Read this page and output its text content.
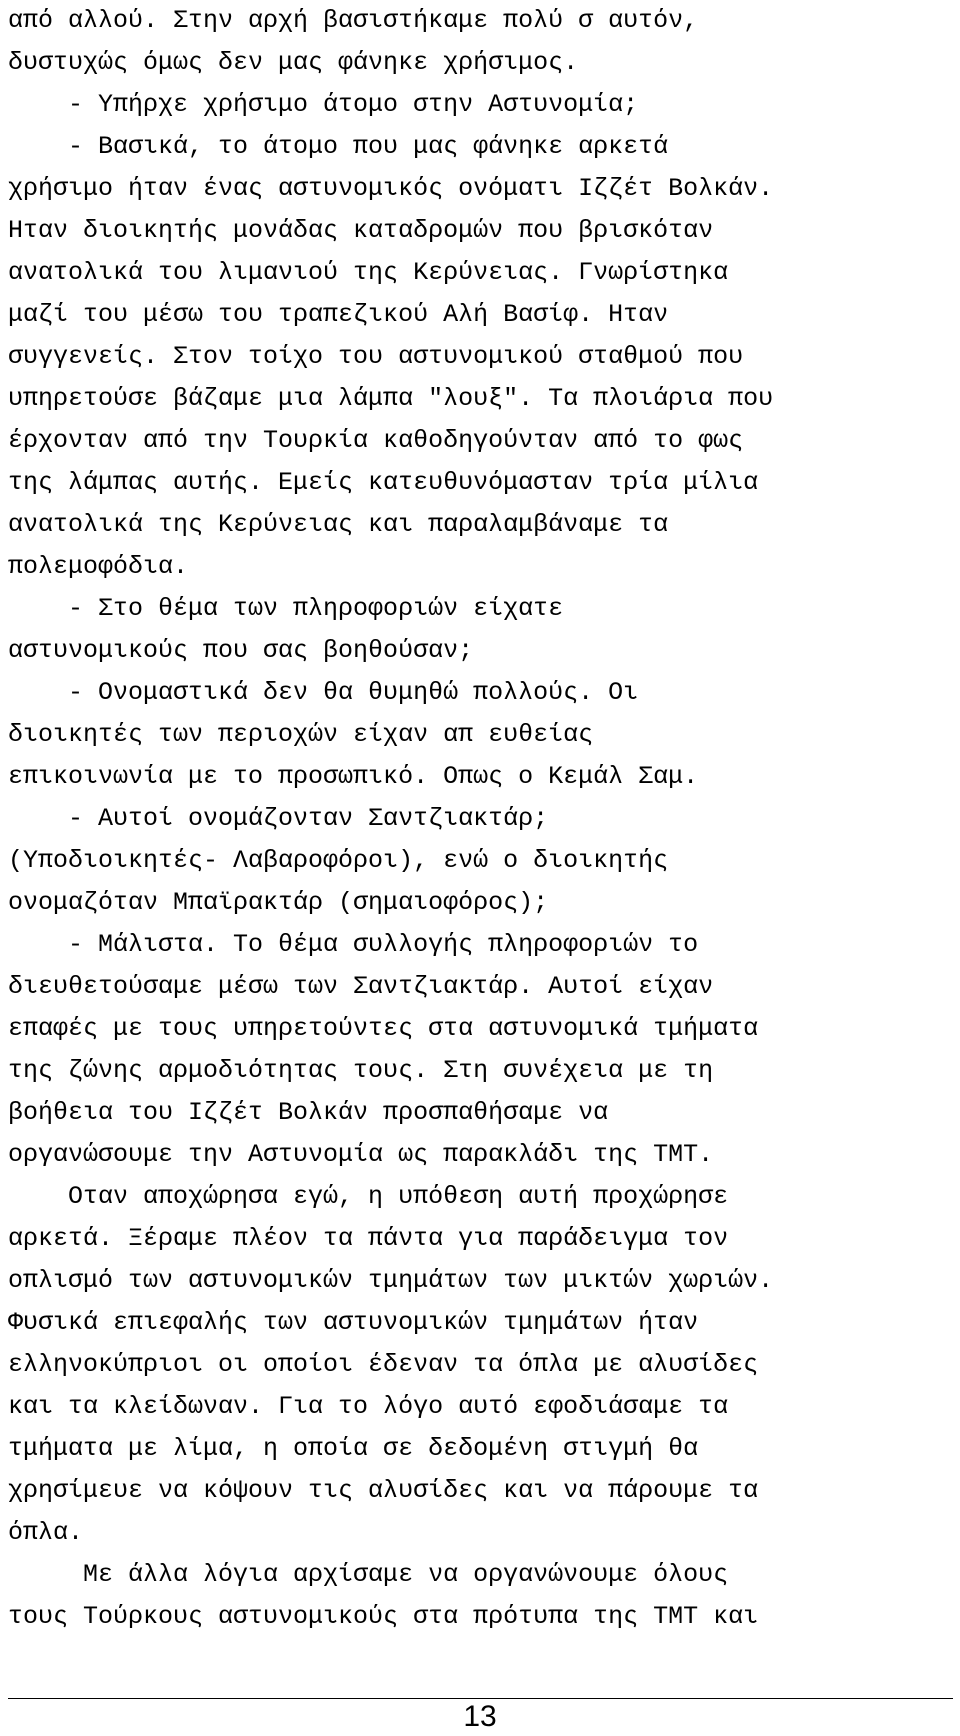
από αλλού. Στην αρχή βασιστήκαμε πολύ σ αυτόν,
δυστυχώς όμως δεν μας φάνηκε χρήσιμος.
- Υπήρχε χρήσιμο άτομο στην Αστυνομία;
- Βασικά, το άτομο που μας φάνηκε αρκετά
χρήσιμο ήταν ένας αστυνομικός ονόματι Ιζζέτ Βολκάν.
Ηταν διοικητής μονάδας καταδρομών που βρισκόταν
ανατολικά του λιμανιού της Κερύνειας. Γνωρίστηκα
μαζί του μέσω του τραπεζικού Αλή Βασίφ. Ηταν
συγγενείς. Στον τοίχο του αστυνομικού σταθμού που
υπηρετούσε βάζαμε μια λάμπα "λουξ". Τα πλοιάρια που
έρχονταν από την Τουρκία καθοδηγούνταν από το φως
της λάμπας αυτής. Εμείς κατευθυνόμασταν τρία μίλια
ανατολικά της Κερύνειας και παραλαμβάναμε τα
πολεμοφόδια.
- Στο θέμα των πληροφοριών είχατε
αστυνομικούς που σας βοηθούσαν;
- Ονομαστικά δεν θα θυμηθώ πολλούς. Οι
διοικητές των περιοχών είχαν απ ευθείας
επικοινωνία με το προσωπικό. Οπως ο Κεμάλ Σαμ.
- Αυτοί ονομάζονταν Σαντζιακτάρ;
(Υποδιοικητές- Λαβαροφόροι), ενώ ο διοικητής
ονομαζόταν Μπαϊρακτάρ (σημαιοφόρος);
- Μάλιστα. Το θέμα συλλογής πληροφοριών το
διευθετούσαμε μέσω των Σαντζιακτάρ. Αυτοί είχαν
επαφές με τους υπηρετούντες στα αστυνομικά τμήματα
της ζώνης αρμοδιότητας τους. Στη συνέχεια με τη
βοήθεια του Ιζζέτ Βολκάν προσπαθήσαμε να
οργανώσουμε την Αστυνομία ως παρακλάδι της ΤΜΤ.
Οταν αποχώρησα εγώ, η υπόθεση αυτή προχώρησε
αρκετά. Ξέραμε πλέον τα πάντα για παράδειγμα τον
οπλισμό των αστυνομικών τμημάτων των μικτών χωριών.
Φυσικά επιεφαλής των αστυνομικών τμημάτων ήταν
ελληνοκύπριοι οι οποίοι έδεναν τα όπλα με αλυσίδες
και τα κλείδωναν. Για το λόγο αυτό εφοδιάσαμε τα
τμήματα με λίμα, η οποία σε δεδομένη στιγμή θα
χρησίμευε να κόψουν τις αλυσίδες και να πάρουμε τα
όπλα.
Με άλλα λόγια αρχίσαμε να οργανώνουμε όλους
τους Τούρκους αστυνομικούς στα πρότυπα της ΤΜΤ και
13
